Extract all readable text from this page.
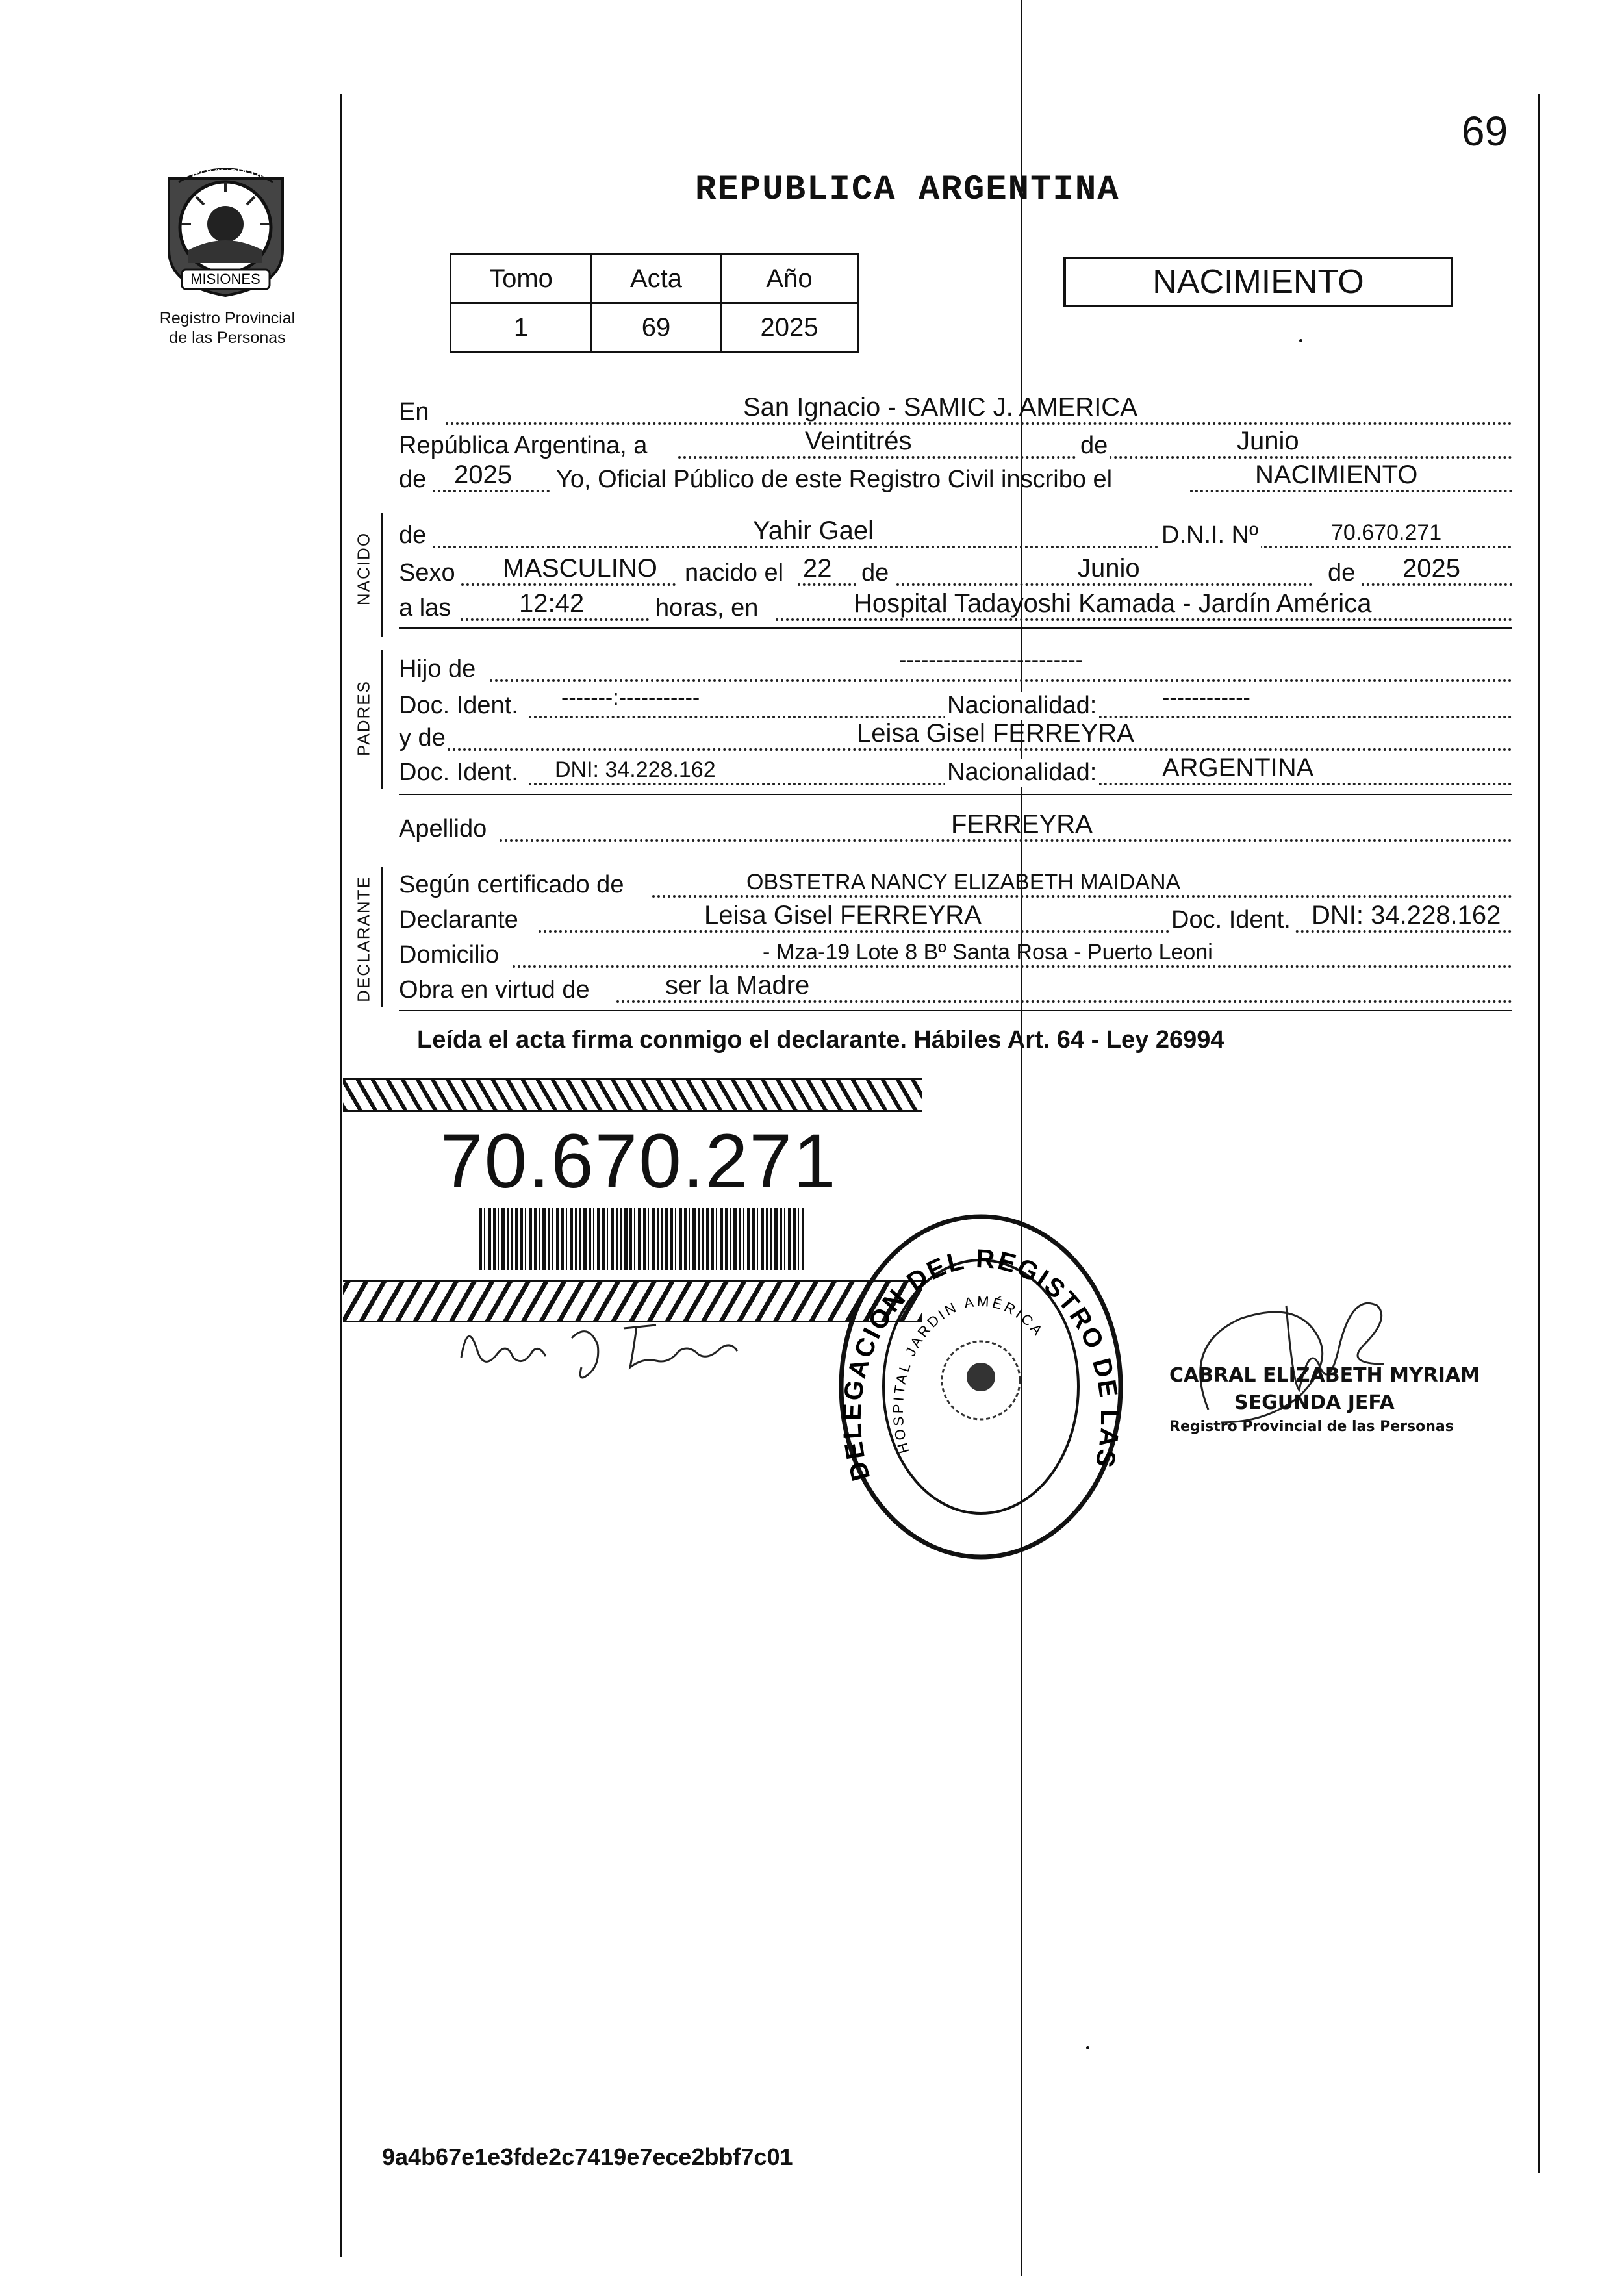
69
MISIONES
PROVINCIA DE
Registro Provincial
de las Personas
REPUBLICA ARGENTINA
Tomo	Acta	Año
1	69	2025
NACIMIENTO
En	San Ignacio - SAMIC J. AMERICA
República Argentina, a	Veintitrés	de	Junio
de 2025 Yo, Oficial Público de este Registro Civil inscribo el	NACIMIENTO
NACIDO de	Yahir Gael	D.N.I. Nº	70.670.271
Sexo MASCULINO nacido el 22 de	Junio	de 2025
a las	12:42	horas, en	Hospital Tadayoshi Kamada - Jardín América
PADRES
Hijo de	-------------------------
Doc. Ident. -------:-----------	Nacionalidad:	------------
y de	Leisa Gisel FERREYRA
Doc. Ident. DNI: 34.228.162	Nacionalidad:	ARGENTINA
Apellido	FERREYRA
DECLARANTE Según certificado de	OBSTETRA NANCY ELIZABETH MAIDANA
Declarante	Leisa Gisel FERREYRA	Doc. Ident. DNI: 34.228.162
Domicilio	- Mza-19 Lote 8 Bº Santa Rosa - Puerto Leoni
Obra en virtud de	ser la Madre
Leída el acta firma conmigo el declarante. Hábiles Art. 64 - Ley 26994
70.670.271
DELEGACIÓN DEL REGISTRO DE LAS
HOSPITAL JARDIN AMÉRICA
CABRAL ELIZABETH MYRIAM
SEGUNDA JEFA
Registro Provincial de las Personas
9a4b67e1e3fde2c7419e7ece2bbf7c01
